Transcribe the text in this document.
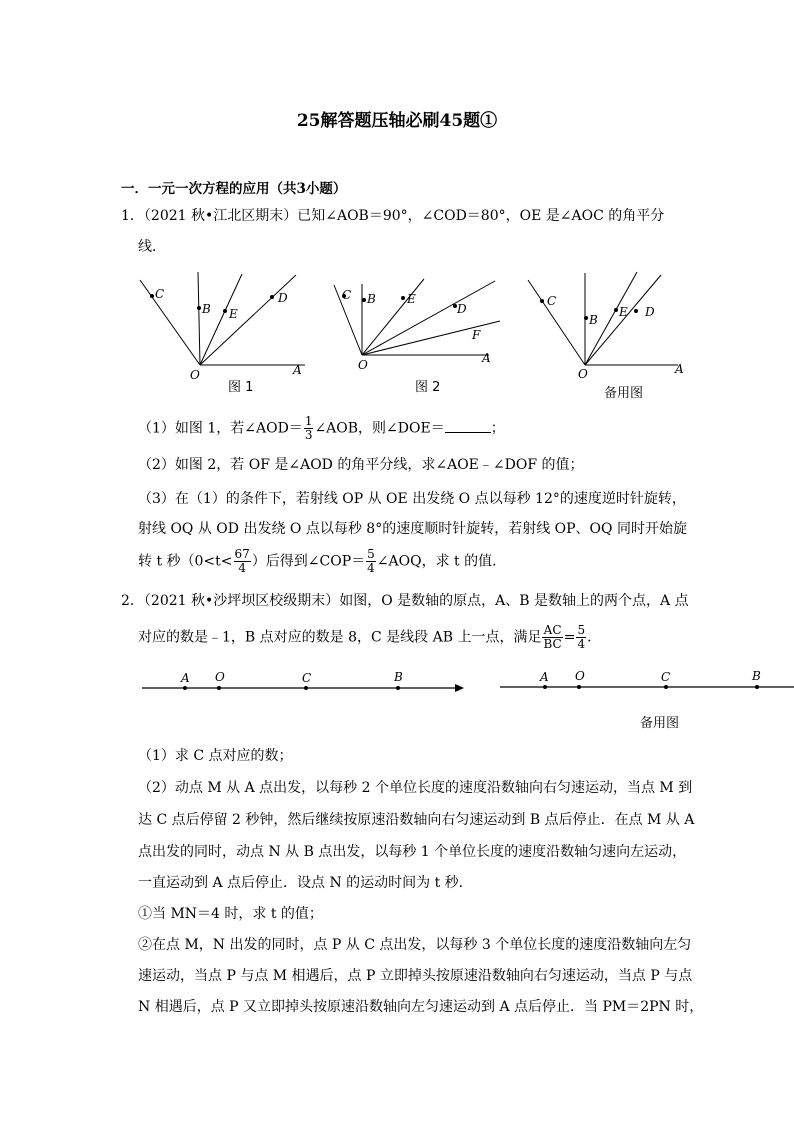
25解答题压轴必刷45题①
一．一元一次方程的应用（共3小题）
1．（2021 秋•江北区期末）已知∠AOB＝90°，∠COD＝80°，OE 是∠AOC 的角平分
线．
C
B E
D
O	A
图 1
C B	E
D
F
O	A
图 2
C
B
E D
O	A
备用图
（1）如图 1，若∠AOD＝ $\frac{1}{3}$ ∠AOB，则∠DOE＝	；
（2）如图 2，若 OF 是∠AOD 的角平分线，求∠AOE﹣∠DOF 的值；
（3）在（1）的条件下，若射线 OP 从 OE 出发绕 O 点以每秒 12°的速度逆时针旋转，
射线 OQ 从 OD 出发绕 O 点以每秒 8°的速度顺时针旋转，若射线 OP、OQ 同时开始旋
转 t 秒（$0<t< \frac{67}{4}$ ）后得到∠COP＝ $\frac{5}{4}$ ∠AOQ，求 t 的值．
2．（2021 秋•沙坪坝区校级期末）如图，O 是数轴的原点，A、B 是数轴上的两个点，A 点
对应的数是﹣1，B 点对应的数是 8，C 是线段 AB 上一点，满足 $\frac{AC}{BC} = \frac{5}{4}$ ．
A O	C	B	A O	C	B
备用图
（1）求 C 点对应的数；
（2）动点 M 从 A 点出发，以每秒 2 个单位长度的速度沿数轴向右匀速运动，当点 M 到
达 C 点后停留 2 秒钟，然后继续按原速沿数轴向右匀速运动到 B 点后停止．在点 M 从 A
点出发的同时，动点 N 从 B 点出发，以每秒 1 个单位长度的速度沿数轴匀速向左运动，
一直运动到 A 点后停止．设点 N 的运动时间为 t 秒．
①当 MN＝4 时，求 t 的值；
②在点 M，N 出发的同时，点 P 从 C 点出发，以每秒 3 个单位长度的速度沿数轴向左匀
速运动，当点 P 与点 M 相遇后，点 P 立即掉头按原速沿数轴向右匀速运动，当点 P 与点
N 相遇后，点 P 又立即掉头按原速沿数轴向左匀速运动到 A 点后停止．当 PM＝2PN 时，
